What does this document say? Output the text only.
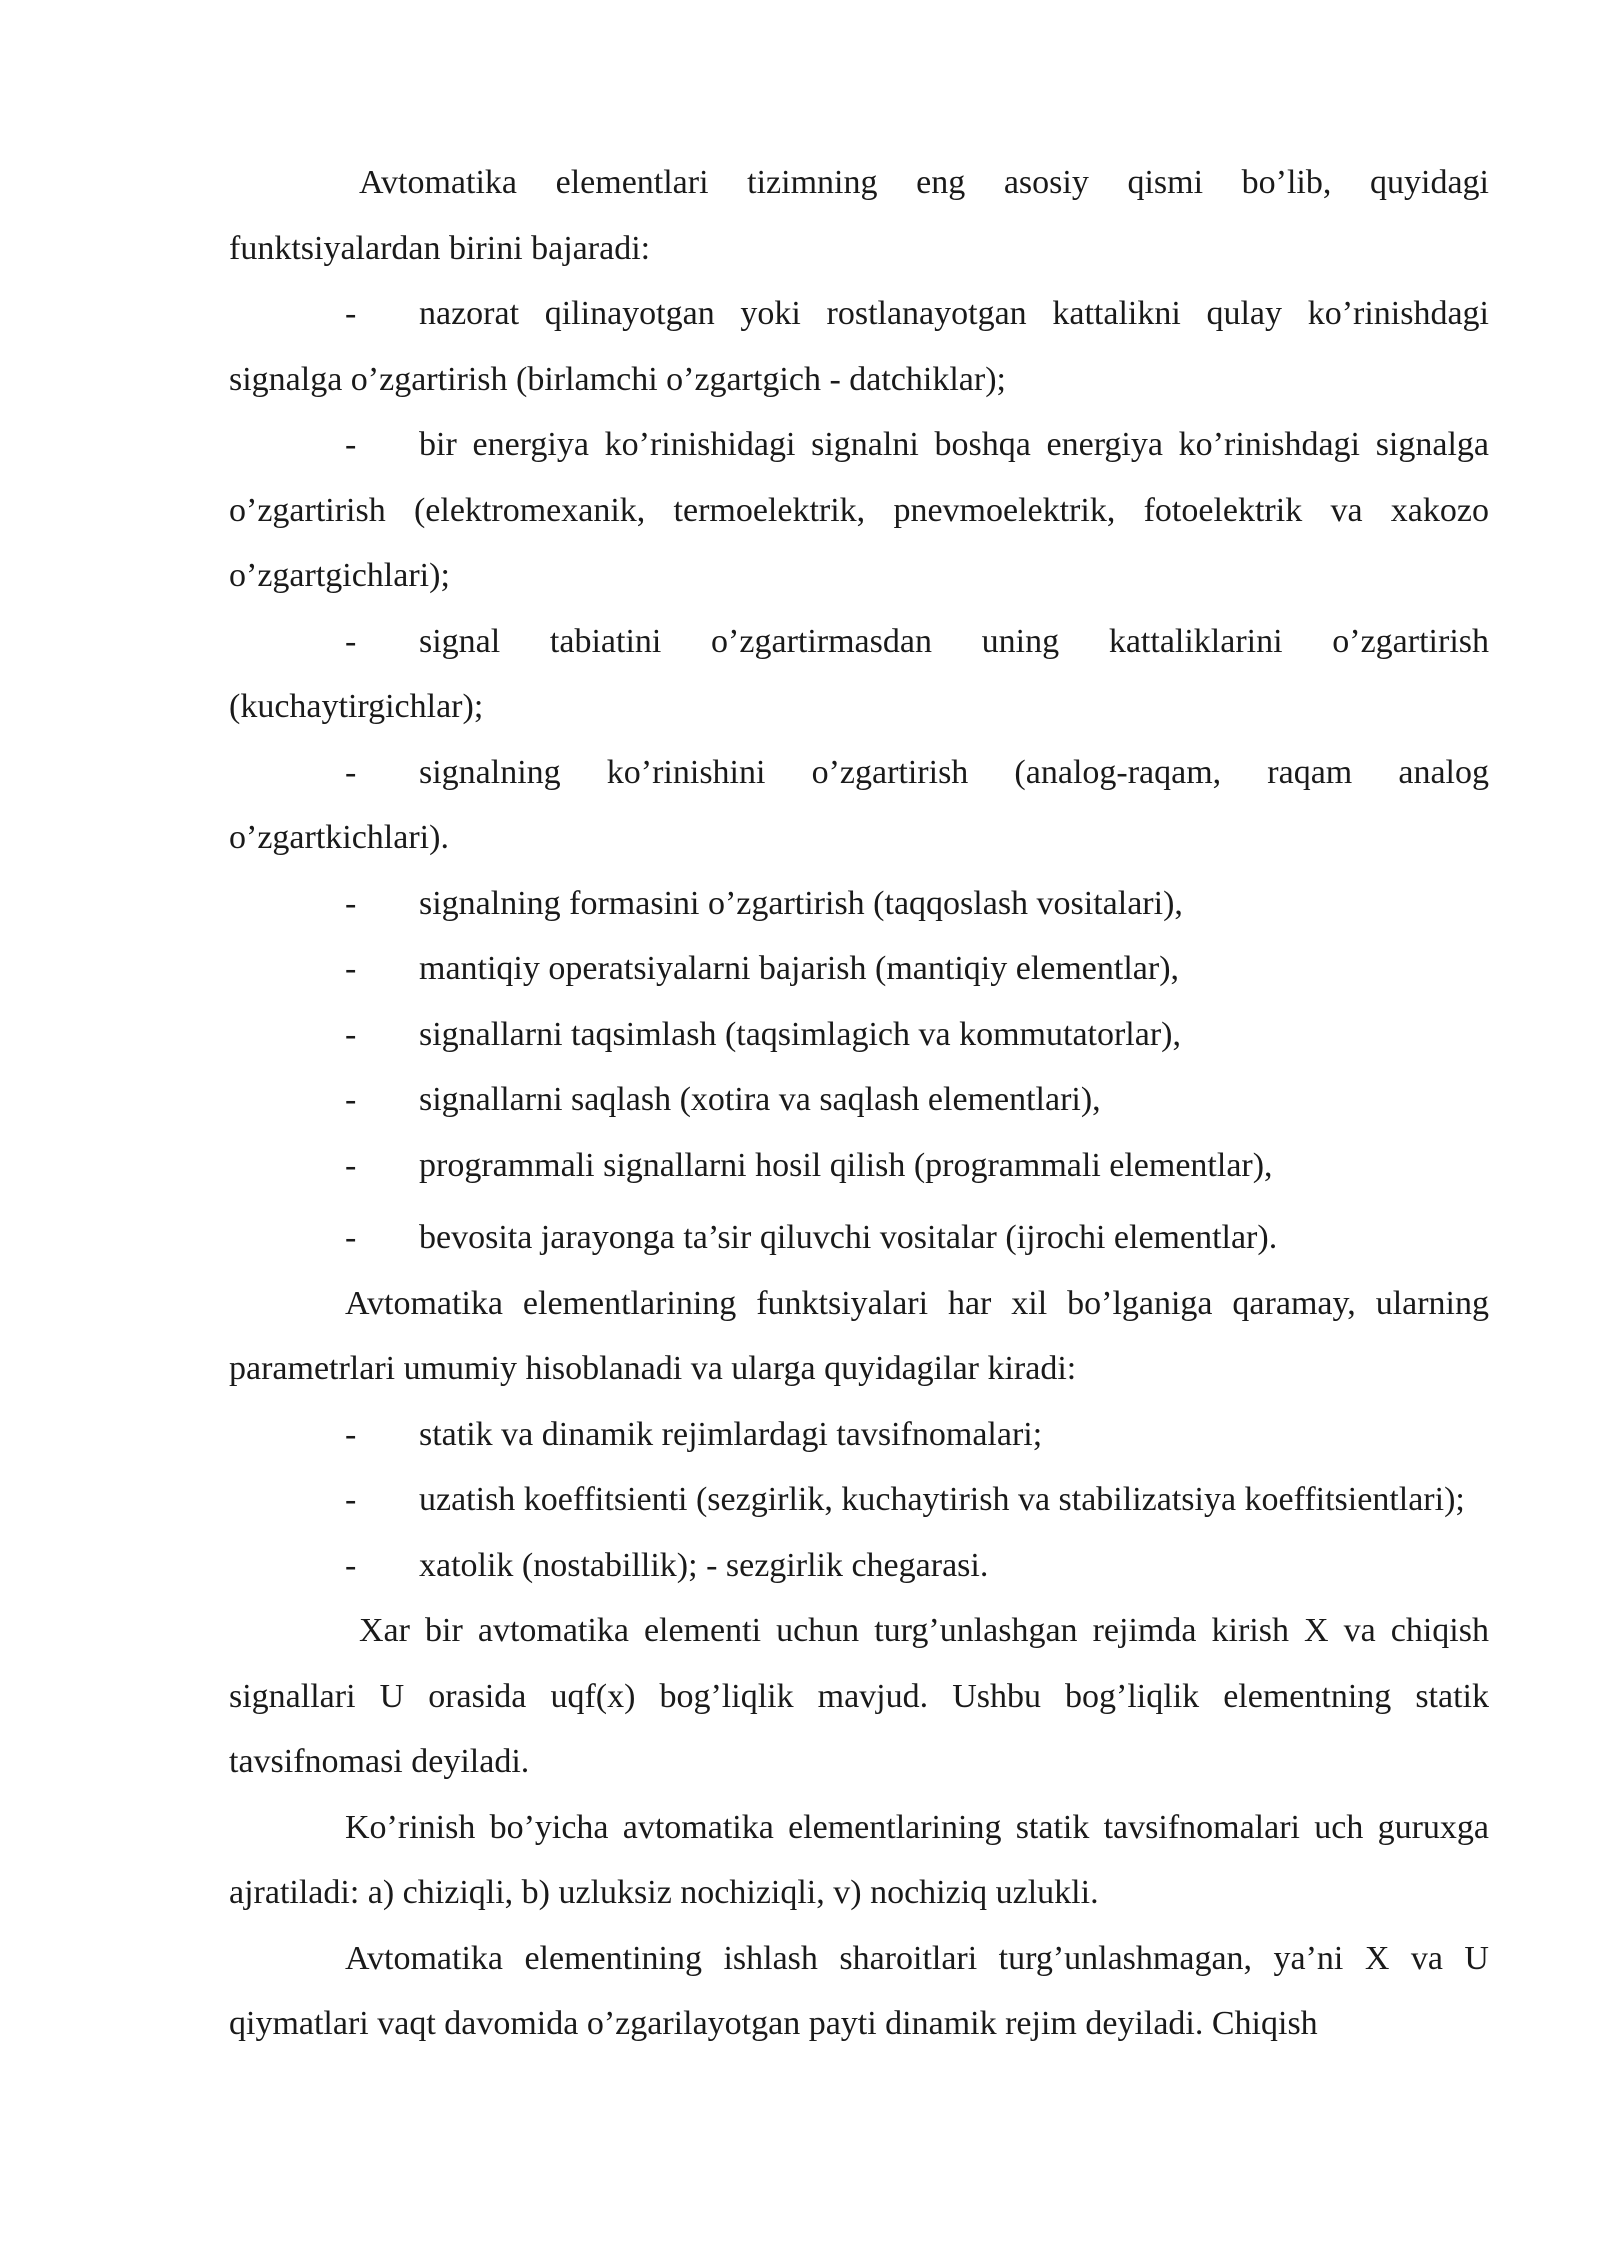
Avtomatika elementlari tizimning eng asosiy qismi bo’lib, quyidagi funktsiyalardan birini bajaradi:

- nazorat qilinayotgan yoki rostlanayotgan kattalikni qulay ko’rinishdagi signalga o’zgartirish (birlamchi o’zgartgich - datchiklar);

- bir energiya ko’rinishidagi signalni boshqa energiya ko’rinishdagi signalga o’zgartirish (elektromexanik, termoelektrik, pnevmoelektrik, fotoelektrik va xakozo o’zgartgichlari);

- signal tabiatini o’zgartirmasdan uning kattaliklarini o’zgartirish (kuchaytirgichlar);

- signalning ko’rinishini o’zgartirish (analog-raqam, raqam analog o’zgartkichlari).

- signalning formasini o’zgartirish (taqqoslash vositalari),

- mantiqiy operatsiyalarni bajarish (mantiqiy elementlar),

- signallarni taqsimlash (taqsimlagich va kommutatorlar),

- signallarni saqlash (xotira va saqlash elementlari),

- programmali signallarni hosil qilish (programmali elementlar),

- bevosita jarayonga ta’sir qiluvchi vositalar (ijrochi elementlar).

Avtomatika elementlarining funktsiyalari har xil bo’lganiga qaramay, ularning parametrlari umumiy hisoblanadi va ularga quyidagilar kiradi:

- statik va dinamik rejimlardagi tavsifnomalari;

- uzatish koeffitsienti (sezgirlik, kuchaytirish va stabilizatsiya koeffitsientlari);

- xatolik (nostabillik); - sezgirlik chegarasi.

Xar bir avtomatika elementi uchun turg’unlashgan rejimda kirish X va chiqish signallari U orasida uqf(x) bog’liqlik mavjud. Ushbu bog’liqlik elementning statik tavsifnomasi deyiladi.

Ko’rinish bo’yicha avtomatika elementlarining statik tavsifnomalari uch guruxga ajratiladi: a) chiziqli, b) uzluksiz nochiziqli, v) nochiziq uzlukli.

Avtomatika elementining ishlash sharoitlari turg’unlashmagan, ya’ni X va U qiymatlari vaqt davomida o’zgarilayotgan payti dinamik rejim deyiladi. Chiqish
